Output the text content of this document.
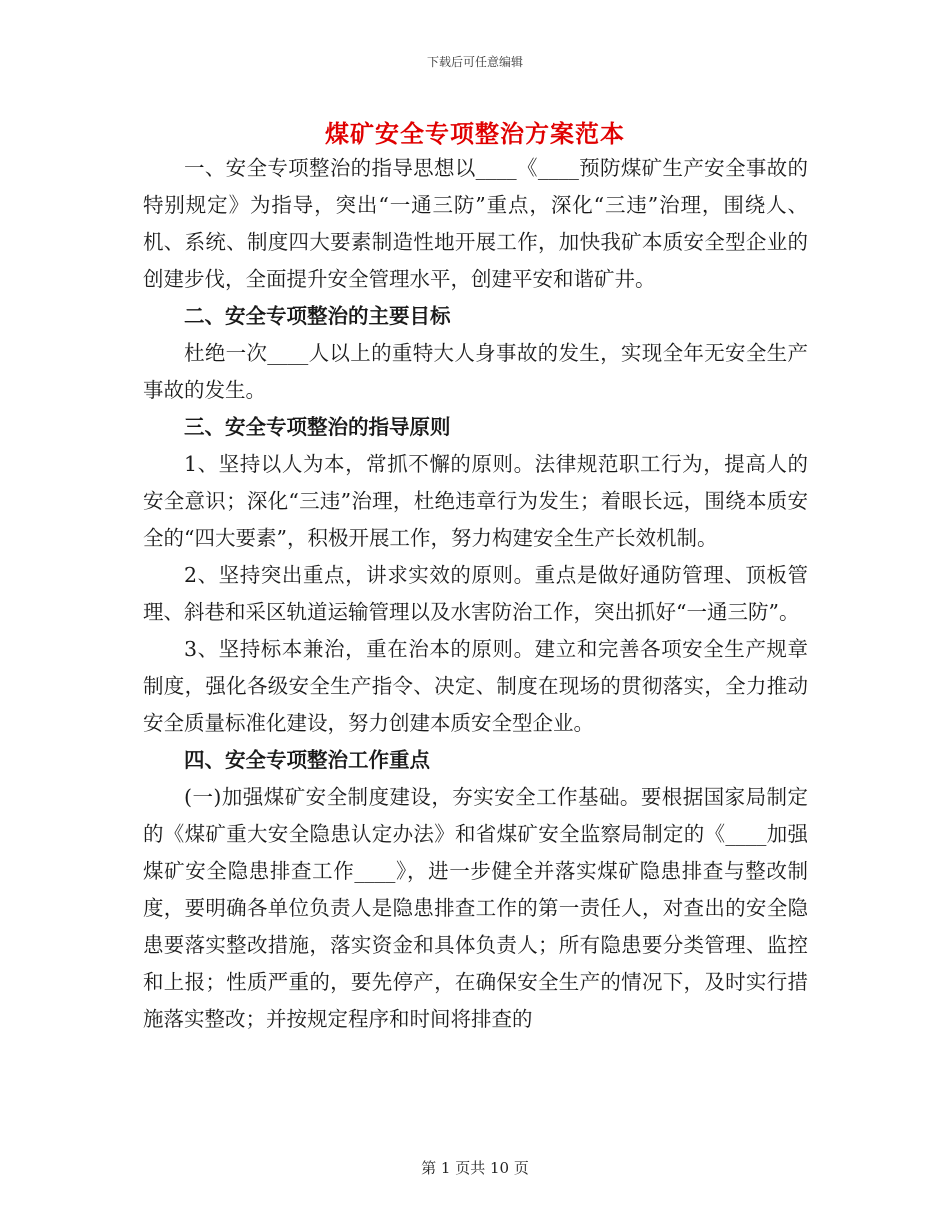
下载后可任意编辑
煤矿安全专项整治方案范本

一、安全专项整治的指导思想以____《____预防煤矿生产安全事故的特别规定》为指导，突出“一通三防”重点，深化“三违”治理，围绕人、机、系统、制度四大要素制造性地开展工作，加快我矿本质安全型企业的创建步伐，全面提升安全管理水平，创建平安和谐矿井。

二、安全专项整治的主要目标

杜绝一次____人以上的重特大人身事故的发生，实现全年无安全生产事故的发生。

三、安全专项整治的指导原则

1、坚持以人为本，常抓不懈的原则。法律规范职工行为，提高人的安全意识；深化“三违”治理，杜绝违章行为发生；着眼长远，围绕本质安全的“四大要素”，积极开展工作，努力构建安全生产长效机制。

2、坚持突出重点，讲求实效的原则。重点是做好通防管理、顶板管理、斜巷和采区轨道运输管理以及水害防治工作，突出抓好“一通三防”。

3、坚持标本兼治，重在治本的原则。建立和完善各项安全生产规章制度，强化各级安全生产指令、决定、制度在现场的贯彻落实，全力推动安全质量标准化建设，努力创建本质安全型企业。

四、安全专项整治工作重点

(一)加强煤矿安全制度建设，夯实安全工作基础。要根据国家局制定的《煤矿重大安全隐患认定办法》和省煤矿安全监察局制定的《____加强煤矿安全隐患排查工作____》，进一步健全并落实煤矿隐患排查与整改制度，要明确各单位负责人是隐患排查工作的第一责任人，对查出的安全隐患要落实整改措施，落实资金和具体负责人；所有隐患要分类管理、监控和上报；性质严重的，要先停产，在确保安全生产的情况下，及时实行措施落实整改；并按规定程序和时间将排查的

第 1 页共 10 页
